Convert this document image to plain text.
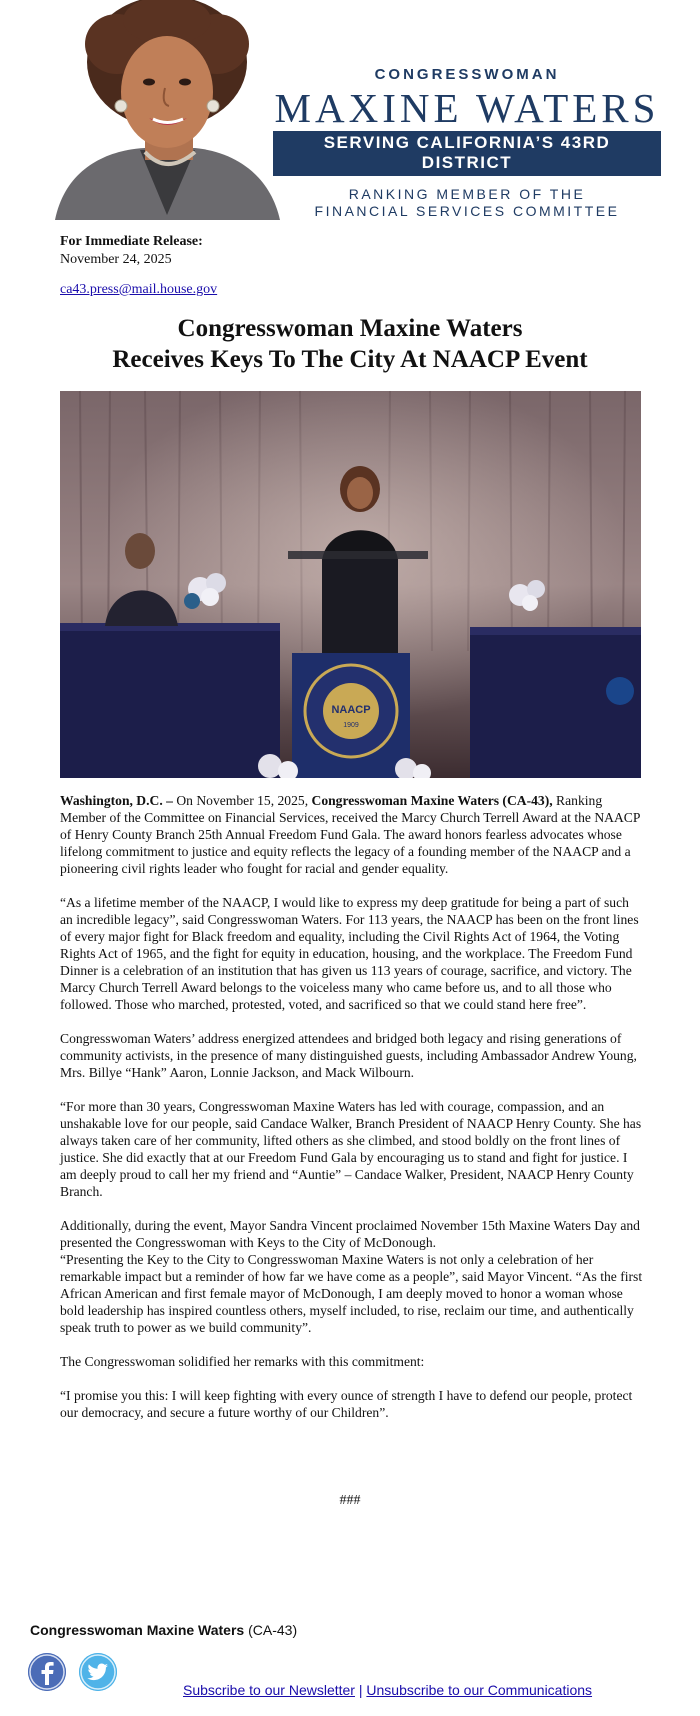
CONGRESSWOMAN
MAXINE WATERS
SERVING CALIFORNIA’S 43RD DISTRICT
RANKING MEMBER OF THE
FINANCIAL SERVICES COMMITTEE
For Immediate Release:
November 24, 2025
ca43.press@mail.house.gov
Congresswoman Maxine Waters
Receives Keys To The City At NAACP Event
NAACP
1909

Washington, D.C. – On November 15, 2025, Congresswoman Maxine Waters (CA-43), Ranking Member of the Committee on Financial Services, received the Marcy Church Terrell Award at the NAACP of Henry County Branch 25th Annual Freedom Fund Gala. The award honors fearless advocates whose lifelong commitment to justice and equity reflects the legacy of a founding member of the NAACP and a pioneering civil rights leader who fought for racial and gender equality.

“As a lifetime member of the NAACP, I would like to express my deep gratitude for being a part of such an incredible legacy”, said Congresswoman Waters. For 113 years, the NAACP has been on the front lines of every major fight for Black freedom and equality, including the Civil Rights Act of 1964, the Voting Rights Act of 1965, and the fight for equity in education, housing, and the workplace. The Freedom Fund Dinner is a celebration of an institution that has given us 113 years of courage, sacrifice, and victory. The Marcy Church Terrell Award belongs to the voiceless many who came before us, and to all those who followed. Those who marched, protested, voted, and sacrificed so that we could stand here free”.

Congresswoman Waters’ address energized attendees and bridged both legacy and rising generations of community activists, in the presence of many distinguished guests, including Ambassador Andrew Young, Mrs. Billye “Hank” Aaron, Lonnie Jackson, and Mack Wilbourn.

“For more than 30 years, Congresswoman Maxine Waters has led with courage, compassion, and an unshakable love for our people, said Candace Walker, Branch President of NAACP Henry County. She has always taken care of her community, lifted others as she climbed, and stood boldly on the front lines of justice. She did exactly that at our Freedom Fund Gala by encouraging us to stand and fight for justice. I am deeply proud to call her my friend and “Auntie” – Candace Walker, President, NAACP Henry County Branch.

Additionally, during the event, Mayor Sandra Vincent proclaimed November 15th Maxine Waters Day and presented the Congresswoman with Keys to the City of McDonough.
“Presenting the Key to the City to Congresswoman Maxine Waters is not only a celebration of her remarkable impact but a reminder of how far we have come as a people”, said Mayor Vincent. “As the first African American and first female mayor of McDonough, I am deeply moved to honor a woman whose bold leadership has inspired countless others, myself included, to rise, reclaim our time, and authentically speak truth to power as we build community”.

The Congresswoman solidified her remarks with this commitment:

“I promise you this: I will keep fighting with every ounce of strength I have to defend our people, protect our democracy, and secure a future worthy of our Children”.

###
Congresswoman Maxine Waters (CA-43)
Subscribe to our Newsletter | Unsubscribe to our Communications
